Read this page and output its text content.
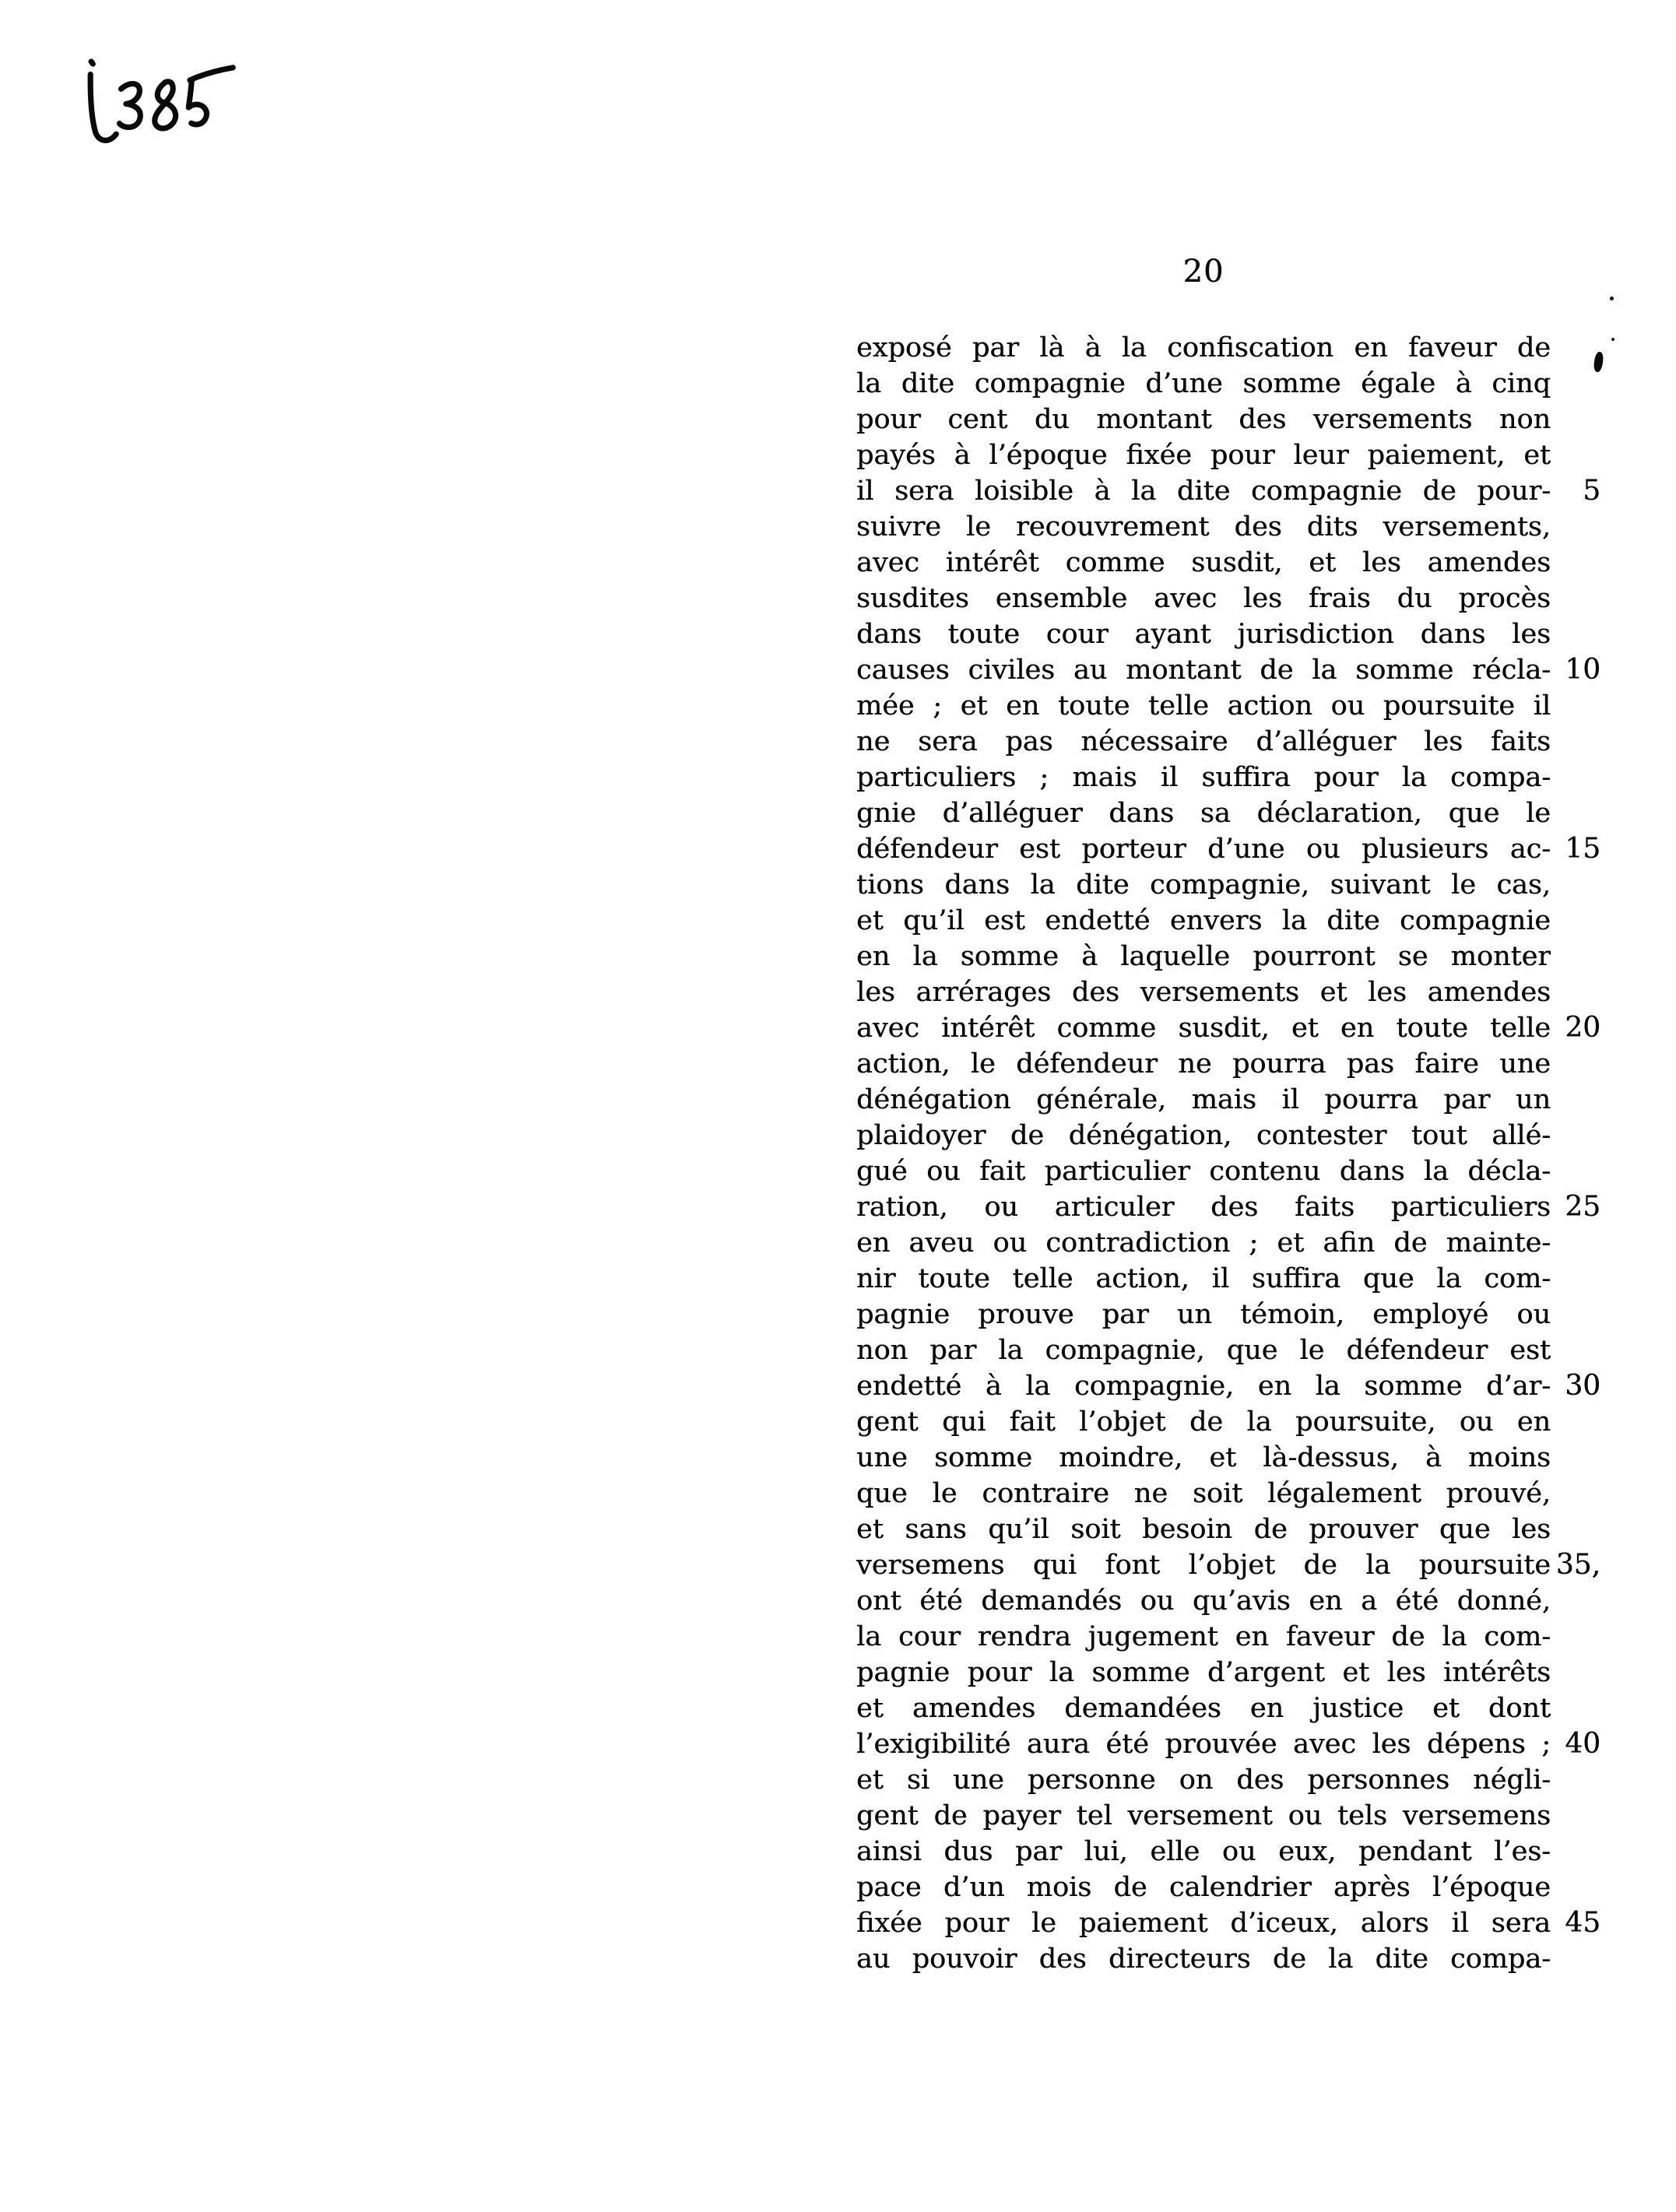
20
exposé par là à la confiscation en faveur de
la dite compagnie d’une somme égale à cinq
pour cent du montant des versements non
payés à l’époque fixée pour leur paiement, et
il sera loisible à la dite compagnie de pour-	5
suivre le recouvrement des dits versements,
avec intérêt comme susdit, et les amendes
susdites ensemble avec les frais du procès
dans toute cour ayant jurisdiction dans les
causes civiles au montant de la somme récla- 10
mée ; et en toute telle action ou poursuite il
ne sera pas nécessaire d’alléguer les faits
particuliers ; mais il suffira pour la compa-
gnie d’alléguer dans sa déclaration, que le
défendeur est porteur d’une ou plusieurs ac- 15
tions dans la dite compagnie, suivant le cas,
et qu’il est endetté envers la dite compagnie
en la somme à laquelle pourront se monter
les arrérages des versements et les amendes
avec intérêt comme susdit, et en toute telle 20
action, le défendeur ne pourra pas faire une
dénégation générale, mais il pourra par un
plaidoyer de dénégation, contester tout allé-
gué ou fait particulier contenu dans la décla-
ration, ou articuler des faits particuliers 25
en aveu ou contradiction ; et afin de mainte-
nir toute telle action, il suffira que la com-
pagnie prouve par un témoin, employé ou
non par la compagnie, que le défendeur est
endetté à la compagnie, en la somme d’ar- 30
gent qui fait l’objet de la poursuite, ou en
une somme moindre, et là-dessus, à moins
que le contraire ne soit légalement prouvé,
et sans qu’il soit besoin de prouver que les
versemens qui font l’objet de la poursuite 35,
ont été demandés ou qu’avis en a été donné,
la cour rendra jugement en faveur de la com-
pagnie pour la somme d’argent et les intérêts
et amendes demandées en justice et dont
l’exigibilité aura été prouvée avec les dépens ; 40
et si une personne on des personnes négli-
gent de payer tel versement ou tels versemens
ainsi dus par lui, elle ou eux, pendant l’es-
pace d’un mois de calendrier après l’époque
fixée pour le paiement d’iceux, alors il sera 45
au pouvoir des directeurs de la dite compa-
